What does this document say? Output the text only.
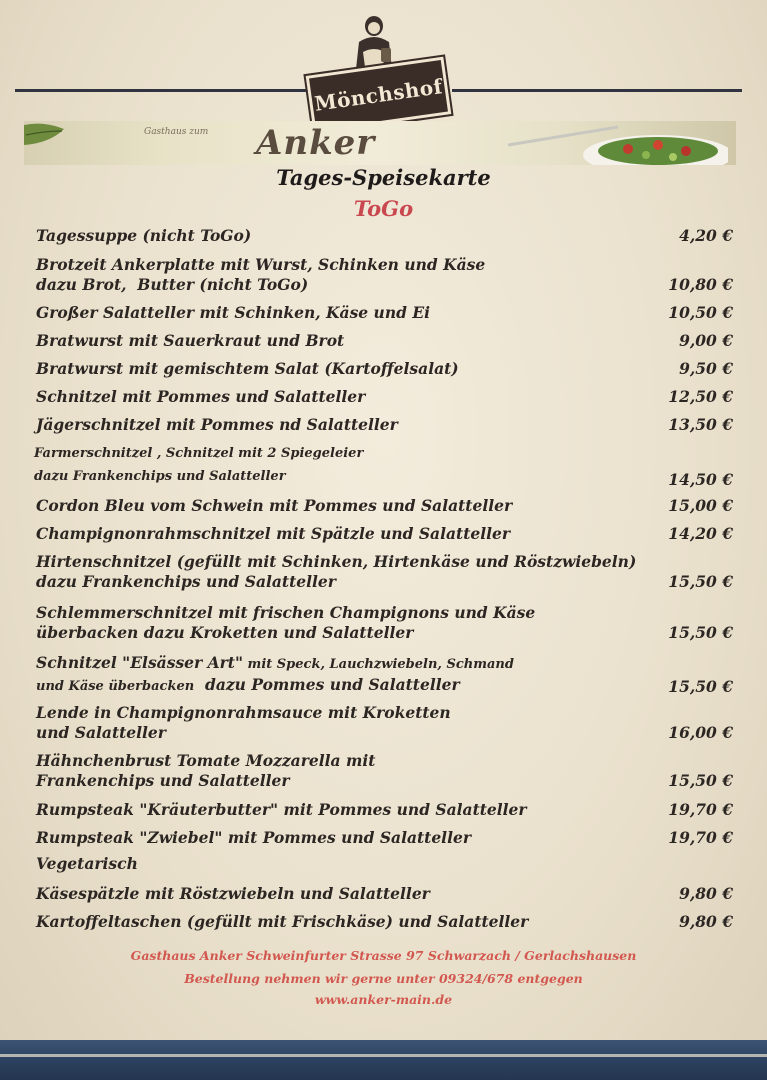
Mönchshof
Gasthaus zum Anker
Tages-Speisekarte
ToGo
Tagessuppe (nicht ToGo)	4,20 €
Brotzeit Ankerplatte mit Wurst, Schinken und Käse
dazu Brot,  Butter (nicht ToGo)	10,80 €
Großer Salatteller mit Schinken, Käse und Ei	10,50 €
Bratwurst mit Sauerkraut und Brot	9,00 €
Bratwurst mit gemischtem Salat (Kartoffelsalat)	9,50 €
Schnitzel mit Pommes und Salatteller	12,50 €
Jägerschnitzel mit Pommes nd Salatteller	13,50 €
Farmerschnitzel , Schnitzel mit 2 Spiegeleier
dazu Frankenchips und Salatteller	14,50 €
Cordon Bleu vom Schwein mit Pommes und Salatteller	15,00 €
Champignonrahmschnitzel mit Spätzle und Salatteller	14,20 €
Hirtenschnitzel (gefüllt mit Schinken, Hirtenkäse und Röstzwiebeln)
dazu Frankenchips und Salatteller	15,50 €
Schlemmerschnitzel mit frischen Champignons und Käse
überbacken dazu Kroketten und Salatteller	15,50 €
Schnitzel "Elsässer Art" mit Speck, Lauchzwiebeln, Schmand
und Käse überbacken  dazu Pommes und Salatteller	15,50 €
Lende in Champignonrahmsauce mit Kroketten
und Salatteller	16,00 €
Hähnchenbrust Tomate Mozzarella mit
Frankenchips und Salatteller	15,50 €
Rumpsteak "Kräuterbutter" mit Pommes und Salatteller	19,70 €
Rumpsteak "Zwiebel" mit Pommes und Salatteller	19,70 €
Vegetarisch
Käsespätzle mit Röstzwiebeln und Salatteller	9,80 €
Kartoffeltaschen (gefüllt mit Frischkäse) und Salatteller	9,80 €
Gasthaus Anker Schweinfurter Strasse 97 Schwarzach / Gerlachshausen
Bestellung nehmen wir gerne unter 09324/678 entgegen
www.anker-main.de
